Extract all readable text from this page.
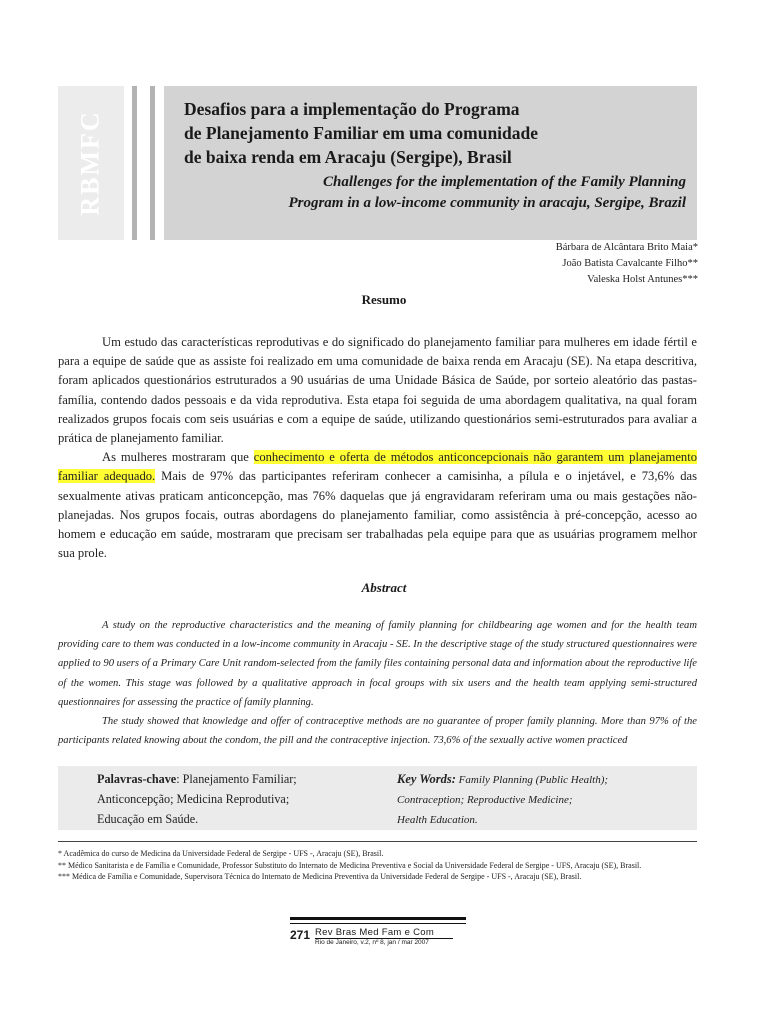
RBMFC
Desafios para a implementação do Programa
de Planejamento Familiar em uma comunidade
de baixa renda em Aracaju (Sergipe), Brasil
Challenges for the implementation of the Family Planning
Program in a low-income community in aracaju, Sergipe, Brazil
Bárbara de Alcântara Brito Maia*
João Batista Cavalcante Filho**
Valeska Holst Antunes***
Resumo

Um estudo das características reprodutivas e do significado do planejamento familiar para mulheres em idade fértil e para a equipe de saúde que as assiste foi realizado em uma comunidade de baixa renda em Aracaju (SE). Na etapa descritiva, foram aplicados questionários estruturados a 90 usuárias de uma Unidade Básica de Saúde, por sorteio aleatório das pastas-família, contendo dados pessoais e da vida reprodutiva. Esta etapa foi seguida de uma abordagem qualitativa, na qual foram realizados grupos focais com seis usuárias e com a equipe de saúde, utilizando questionários semi-estruturados para avaliar a prática de planejamento familiar.

As mulheres mostraram que conhecimento e oferta de métodos anticoncepcionais não garantem um planejamento familiar adequado. Mais de 97% das participantes referiram conhecer a camisinha, a pílula e o injetável, e 73,6% das sexualmente ativas praticam anticoncepção, mas 76% daquelas que já engravidaram referiram uma ou mais gestações não-planejadas. Nos grupos focais, outras abordagens do planejamento familiar, como assistência à pré-concepção, acesso ao homem e educação em saúde, mostraram que precisam ser trabalhadas pela equipe para que as usuárias programem melhor sua prole.

Abstract

A study on the reproductive characteristics and the meaning of family planning for childbearing age women and for the health team providing care to them was conducted in a low-income community in Aracaju - SE. In the descriptive stage of the study structured questionnaires were applied to 90 users of a Primary Care Unit random-selected from the family files containing personal data and information about the reproductive life of the women. This stage was followed by a qualitative approach in focal groups with six users and the health team applying semi-structured questionnaires for assessing the practice of family planning.

The study showed that knowledge and offer of contraceptive methods are no guarantee of proper family planning. More than 97% of the participants related knowing about the condom, the pill and the contraceptive injection. 73,6% of the sexually active women practiced

Palavras-chave: Planejamento Familiar;
Anticoncepção; Medicina Reprodutiva;
Educação em Saúde.
Key Words: Family Planning (Public Health);
Contraception; Reproductive Medicine;
Health Education.

* Acadêmica do curso de Medicina da Universidade Federal de Sergipe - UFS -, Aracaju (SE), Brasil.

** Médico Sanitarista e de Família e Comunidade, Professor Substituto do Internato de Medicina Preventiva e Social da Universidade Federal de Sergipe - UFS, Aracaju (SE), Brasil.

*** Médica de Família e Comunidade, Supervisora Técnica do Internato de Medicina Preventiva da Universidade Federal de Sergipe - UFS -, Aracaju (SE), Brasil.

271 Rev Bras Med Fam e Com
Rio de Janeiro, v.2, nº 8, jan / mar 2007
